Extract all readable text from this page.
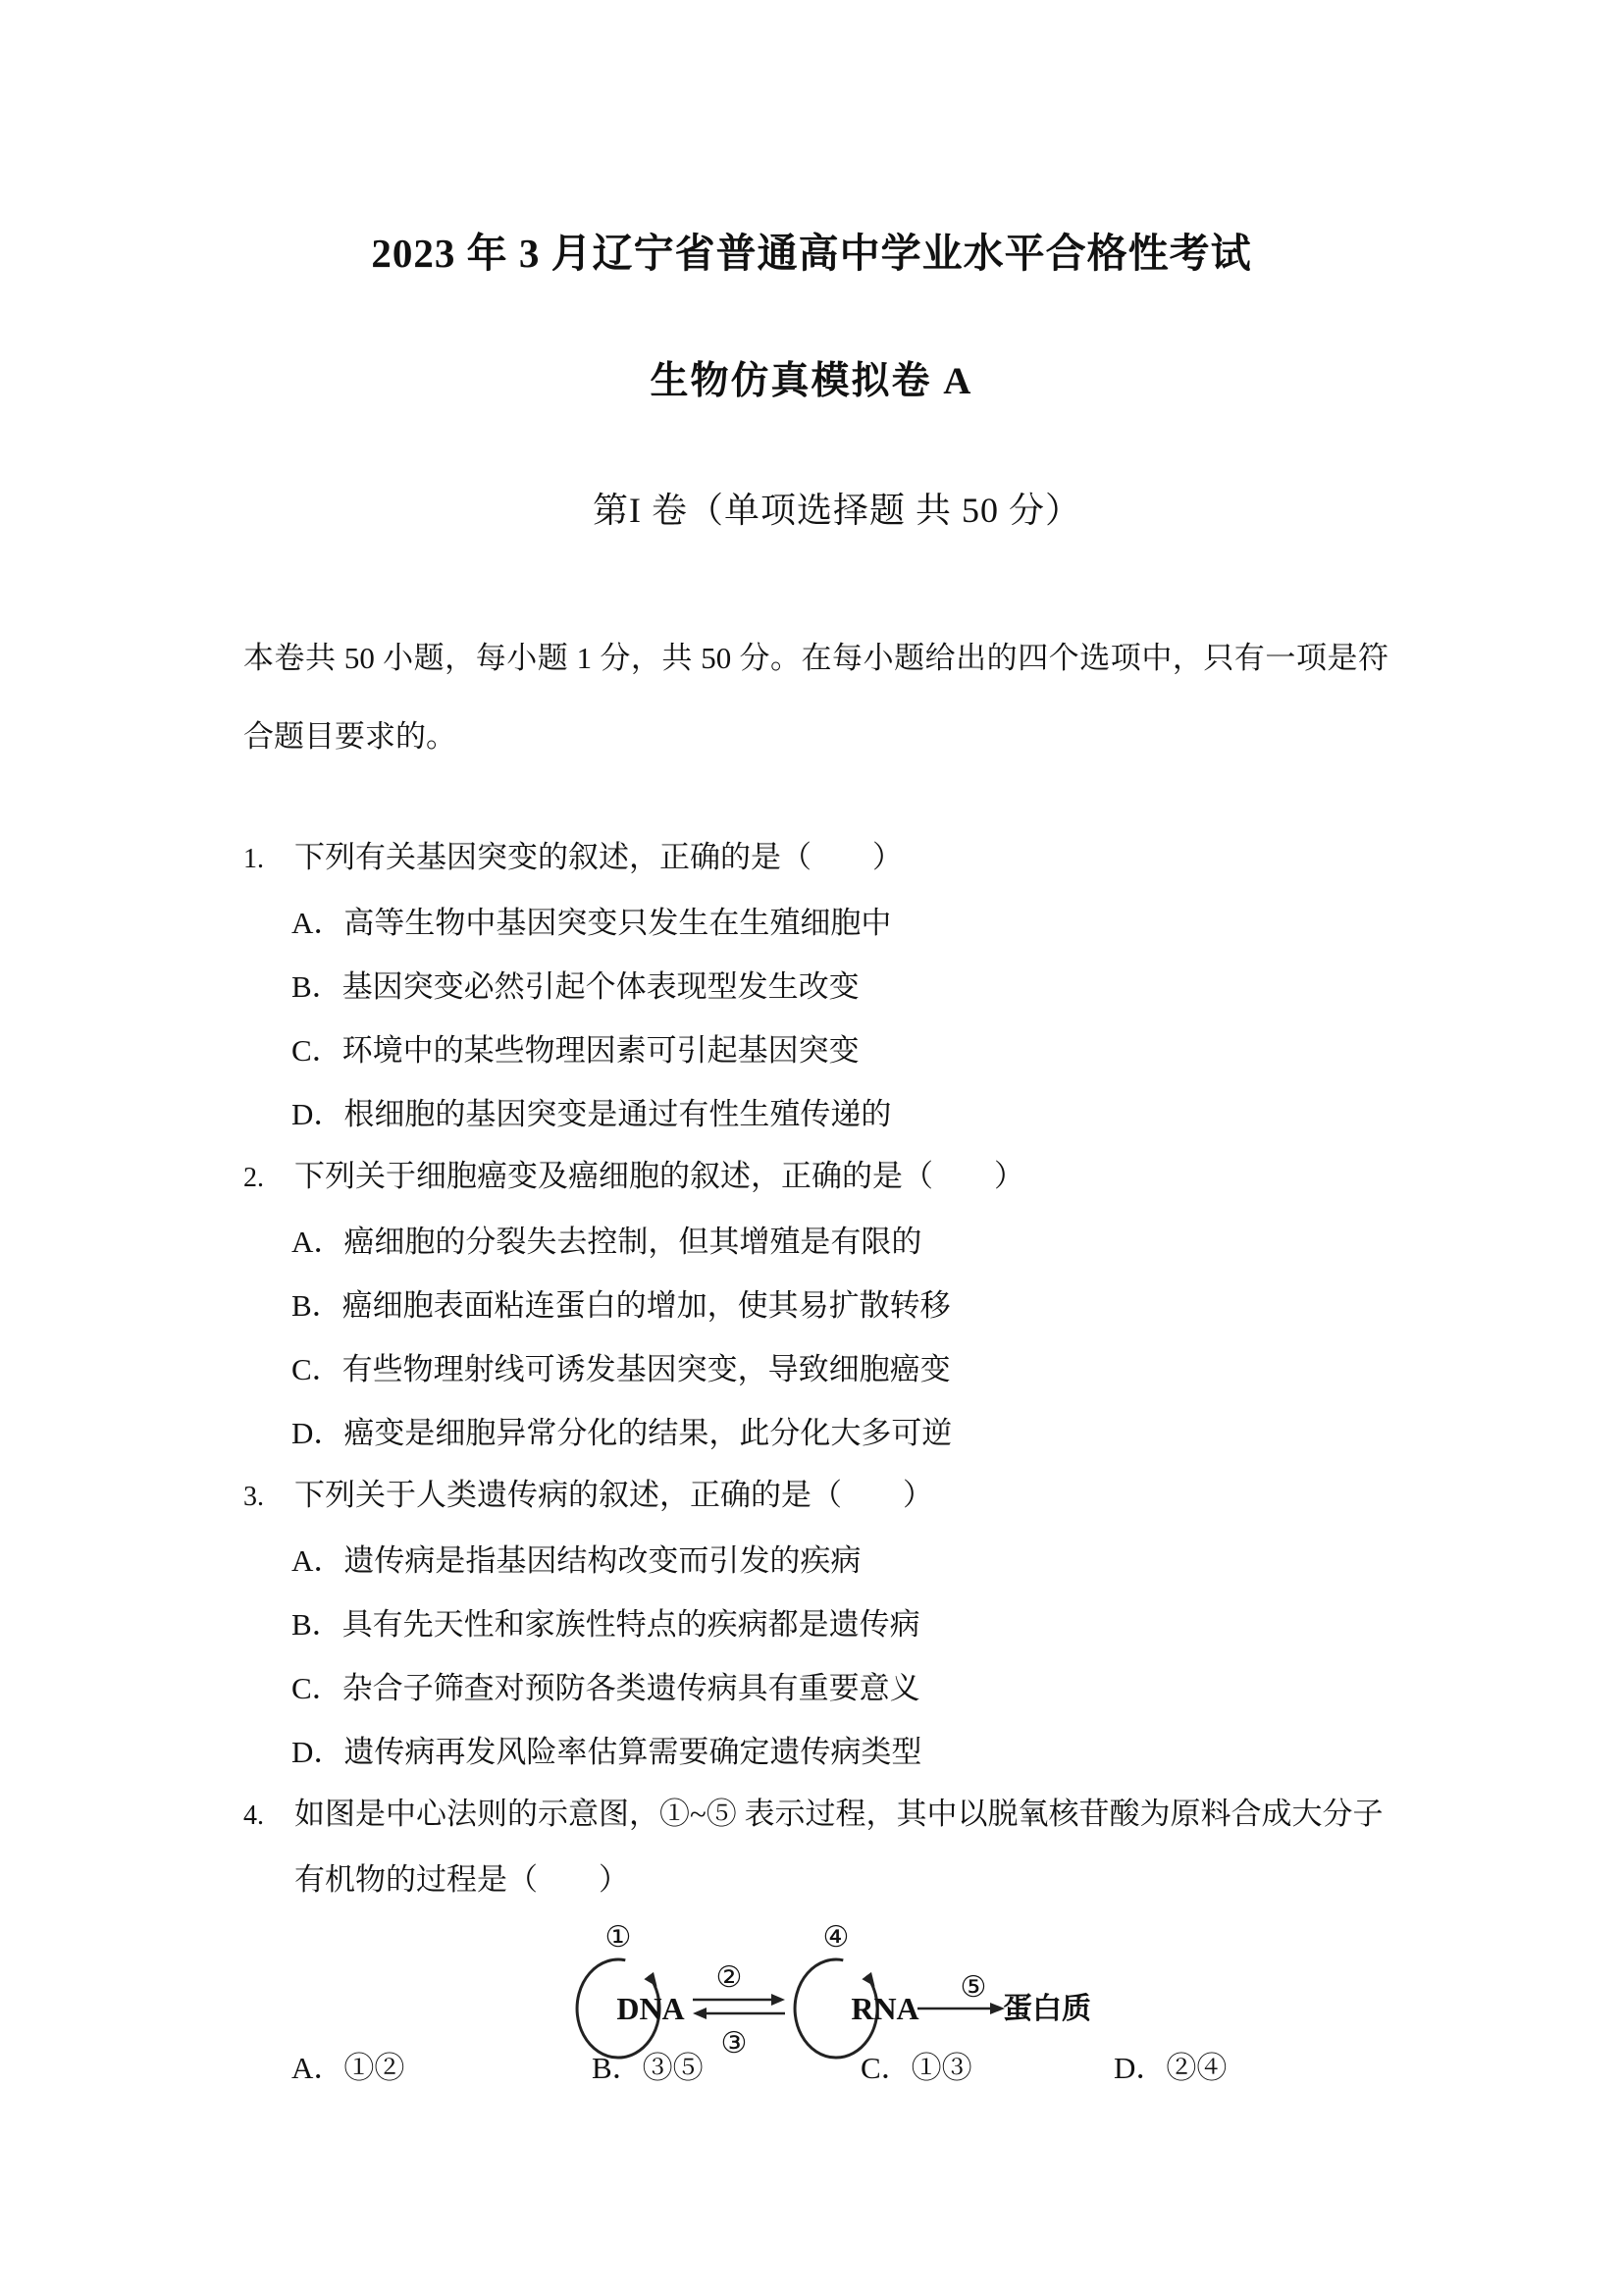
2023 年 3 月辽宁省普通高中学业水平合格性考试
生物仿真模拟卷 A
第I 卷（单项选择题 共 50 分）

本卷共 50 小题，每小题 1 分，共 50 分。在每小题给出的四个选项中，只有一项是符合题目要求的。

1. 下列有关基因突变的叙述，正确的是（　　）
A．高等生物中基因突变只发生在生殖细胞中
B．基因突变必然引起个体表现型发生改变
C．环境中的某些物理因素可引起基因突变
D．根细胞的基因突变是通过有性生殖传递的
2. 下列关于细胞癌变及癌细胞的叙述，正确的是（　　）
A．癌细胞的分裂失去控制，但其增殖是有限的
B．癌细胞表面粘连蛋白的增加，使其易扩散转移
C．有些物理射线可诱发基因突变，导致细胞癌变
D．癌变是细胞异常分化的结果，此分化大多可逆
3. 下列关于人类遗传病的叙述，正确的是（　　）
A．遗传病是指基因结构改变而引发的疾病
B．具有先天性和家族性特点的疾病都是遗传病
C．杂合子筛查对预防各类遗传病具有重要意义
D．遗传病再发风险率估算需要确定遗传病类型
4. 如图是中心法则的示意图，①~⑤ 表示过程，其中以脱氧核苷酸为原料合成大分子有机物的过程是（　　）
①	④
②
③
⑤
DNA	RNA	蛋白质
A．①②	B．③⑤	C．①③	D．②④
